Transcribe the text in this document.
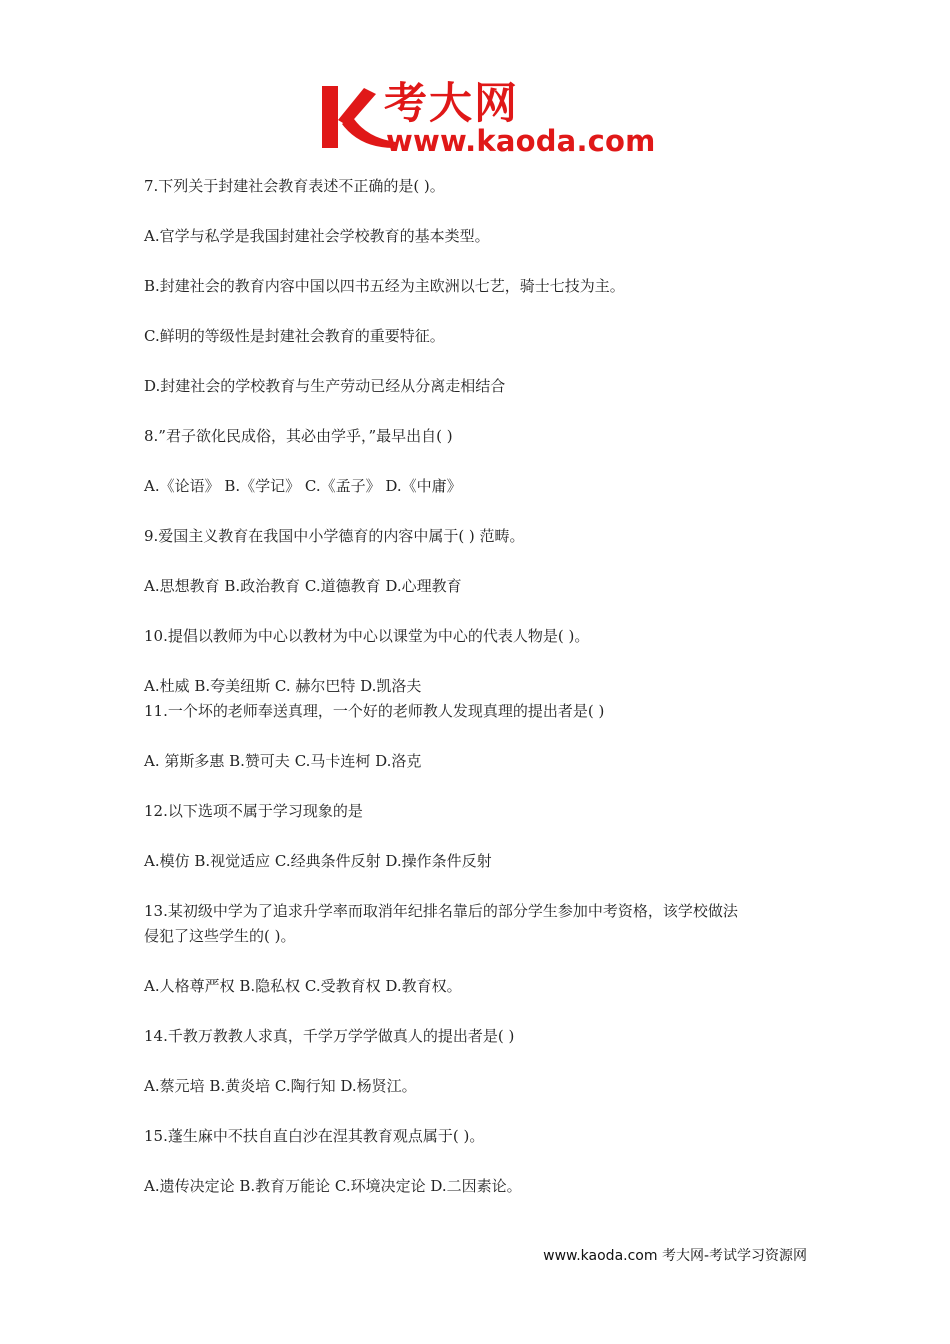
考大网
www.kaoda.com

7.下列关于封建社会教育表述不正确的是( )。

A.官学与私学是我国封建社会学校教育的基本类型。

B.封建社会的教育内容中国以四书五经为主欧洲以七艺，骑士七技为主。

C.鲜明的等级性是封建社会教育的重要特征。

D.封建社会的学校教育与生产劳动已经从分离走相结合

8.”君子欲化民成俗，其必由学乎，”最早出自( )

A.《论语》 B.《学记》 C.《孟子》 D.《中庸》

9.爱国主义教育在我国中小学德育的内容中属于( ) 范畴。

A.思想教育 B.政治教育 C.道德教育 D.心理教育

10.提倡以教师为中心以教材为中心以课堂为中心的代表人物是( )。

A.杜威 B.夸美纽斯 C. 赫尔巴特 D.凯洛夫

11.一个坏的老师奉送真理，一个好的老师教人发现真理的提出者是( )

A. 第斯多惠 B.赞可夫 C.马卡连柯 D.洛克

12.以下选项不属于学习现象的是

A.模仿 B.视觉适应 C.经典条件反射 D.操作条件反射

13.某初级中学为了追求升学率而取消年纪排名靠后的部分学生参加中考资格，该学校做法

侵犯了这些学生的( )。

A.人格尊严权 B.隐私权 C.受教育权 D.教育权。

14.千教万教教人求真，千学万学学做真人的提出者是( )

A.蔡元培 B.黄炎培 C.陶行知 D.杨贤江。

15.蓬生麻中不扶自直白沙在涅其教育观点属于( )。

A.遗传决定论 B.教育万能论 C.环境决定论 D.二因素论。

www.kaoda.com 考大网-考试学习资源网
